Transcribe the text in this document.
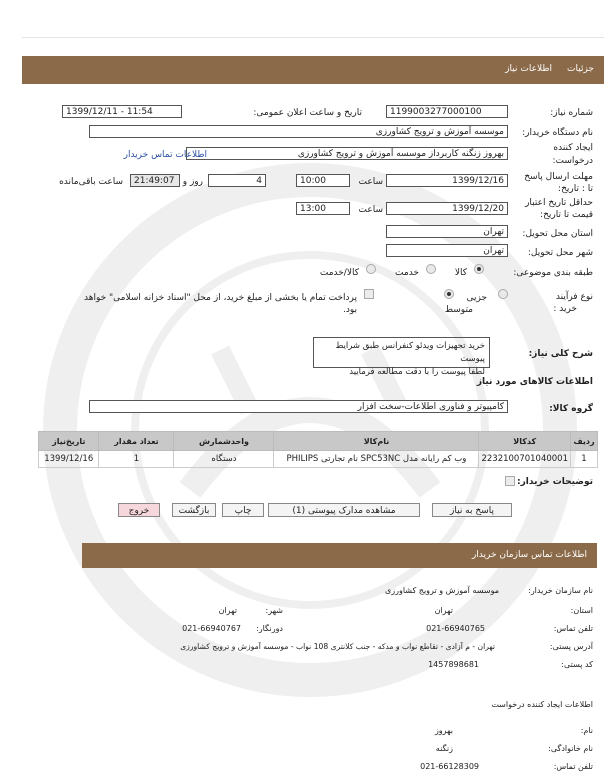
جزئیات
اطلاعات نیاز
شماره نیاز:
1199003277000100
تاریخ و ساعت اعلان عمومی:
1399/12/11 - 11:54
نام دستگاه خریدار:
موسسه آموزش و ترویج کشاورزی
ایجاد کننده
درخواست:
بهروز زنگنه کاربرداز موسسه آموزش و ترویج کشاورزی
اطلاعات تماس خریدار
مهلت ارسال پاسخ
تا : تاریخ:
1399/12/16
ساعت
10:00
4
روز و
21:49:07
ساعت باقی‌مانده
حداقل تاریخ اعتبار
قیمت تا تاریخ:
1399/12/20
ساعت
13:00
استان محل تحویل:
تهران
شهر محل تحویل:
تهران
طبقه بندی موضوعی:
کالا
خدمت
کالا/خدمت
نوع فرآیند
خرید :
جزیی
متوسط
پرداخت تمام یا بخشی از مبلغ خرید، از محل "اسناد خزانه اسلامی" خواهد
بود.
شرح کلی نیاز:
خرید تجهیزات ویدئو کنفرانس طبق شرایط پیوست
لطفا پیوست را با دقت مطالعه فرمایید
اطلاعات کالاهای مورد نیاز
گروه کالا:
کامپیوتر و فناوری اطلاعات-سخت افزار
ردیف	کدکالا	نام‌کالا	واحدشمارش	تعداد مقدار	تاریخ‌نیاز
1	2232100701040001	وب کم رایانه مدل SPC53NC نام تجارتی PHILIPS	دستگاه	1	1399/12/16
توضیحات خریدار:
پاسخ به نیاز
مشاهده مدارک پیوستی (1)
چاپ
بازگشت
خروج
اطلاعات تماس سازمان خریدار
نام سازمان خریدار:
موسسه آموزش و ترویج کشاورزی
استان:
تهران
شهر:
تهران
تلفن تماس:
021-66940765
دورنگار:
021-66940767
آدرس پستی:
تهران - م آزادی - تقاطع نواب و مدکه - جنب کلانتری 108 نواب - موسسه آموزش و ترویج کشاورزی
کد پستی:
1457898681
اطلاعات ایجاد کننده درخواست
نام:
بهروز
نام خانوادگی:
زنگنه
تلفن تماس:
021-66128309
